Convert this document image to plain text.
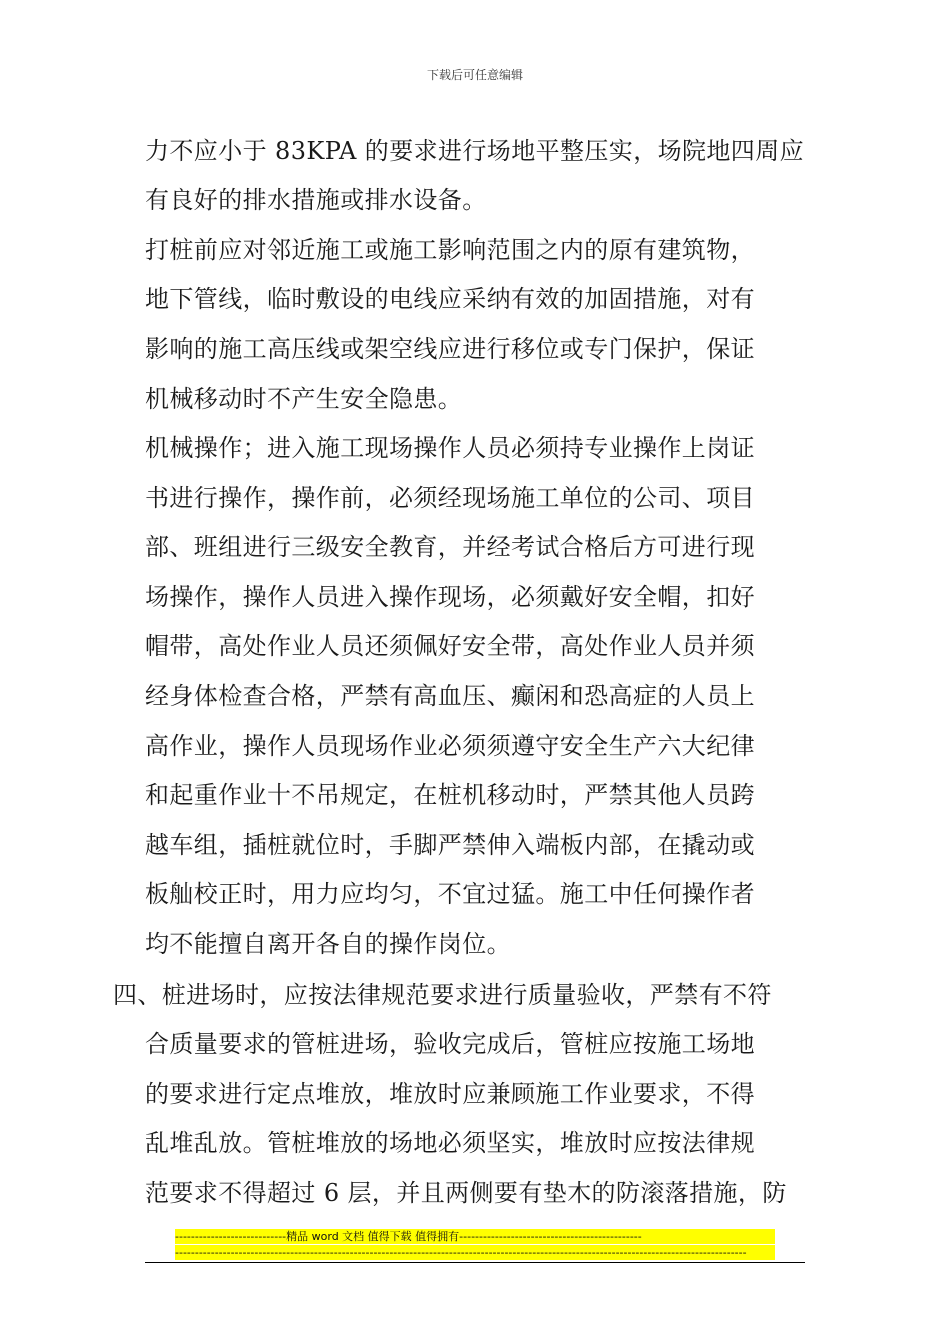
下载后可任意编辑
力不应小于 83KPA 的要求进行场地平整压实，场院地四周应
有良好的排水措施或排水设备。
打桩前应对邻近施工或施工影响范围之内的原有建筑物，
地下管线，临时敷设的电线应采纳有效的加固措施，对有
影响的施工高压线或架空线应进行移位或专门保护，保证
机械移动时不产生安全隐患。
机械操作；进入施工现场操作人员必须持专业操作上岗证
书进行操作，操作前，必须经现场施工单位的公司、项目
部、班组进行三级安全教育，并经考试合格后方可进行现
场操作，操作人员进入操作现场，必须戴好安全帽，扣好
帽带，高处作业人员还须佩好安全带，高处作业人员并须
经身体检查合格，严禁有高血压、癫闲和恐高症的人员上
高作业，操作人员现场作业必须须遵守安全生产六大纪律
和起重作业十不吊规定，在桩机移动时，严禁其他人员跨
越车组，插桩就位时，手脚严禁伸入端板内部，在撬动或
板舢校正时，用力应均匀，不宜过猛。施工中任何操作者
均不能擅自离开各自的操作岗位。
四、桩进场时，应按法律规范要求进行质量验收，严禁有不符
合质量要求的管桩进场，验收完成后，管桩应按施工场地
的要求进行定点堆放，堆放时应兼顾施工作业要求，不得
乱堆乱放。管桩堆放的场地必须坚实，堆放时应按法律规
范要求不得超过 6 层，并且两侧要有垫木的防滚落措施，防
----------------------------精品 word 文档 值得下载 值得拥有----------------------------------------------
------------------------------------------------------------------------------------------------------------------------------------------------
